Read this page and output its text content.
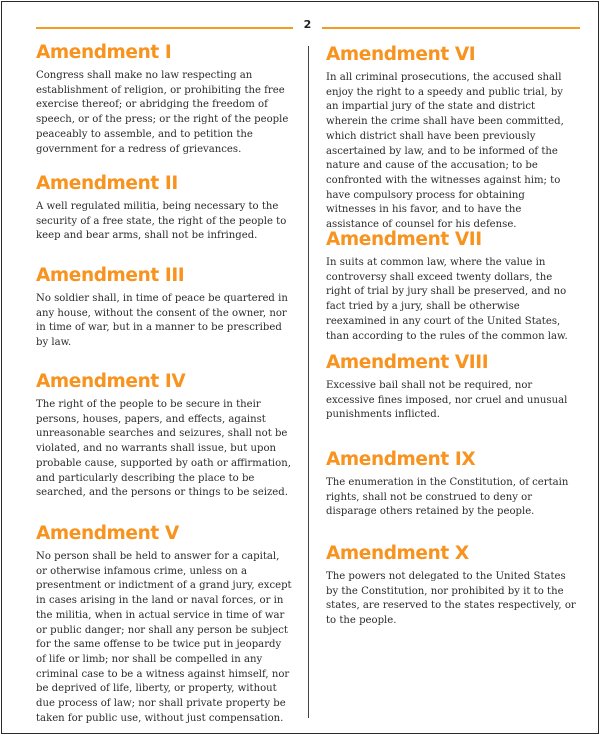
2
Amendment I

Congress shall make no law respecting an establishment of religion, or prohibiting the free exercise thereof; or abridging the freedom of speech, or of the press; or the right of the people peaceably to assemble, and to petition the government for a redress of grievances.

Amendment II

A well regulated militia, being necessary to the security of a free state, the right of the people to keep and bear arms, shall not be infringed.

Amendment III

No soldier shall, in time of peace be quartered in any house, without the consent of the owner, nor in time of war, but in a manner to be prescribed by law.

Amendment IV

The right of the people to be secure in their persons, houses, papers, and effects, against unreasonable searches and seizures, shall not be violated, and no warrants shall issue, but upon probable cause, supported by oath or affirmation, and particularly describing the place to be searched, and the persons or things to be seized.

Amendment V

No person shall be held to answer for a capital, or otherwise infamous crime, unless on a presentment or indictment of a grand jury, except in cases arising in the land or naval forces, or in the militia, when in actual service in time of war or public danger; nor shall any person be subject for the same offense to be twice put in jeopardy of life or limb; nor shall be compelled in any criminal case to be a witness against himself, nor be deprived of life, liberty, or property, without due process of law; nor shall private property be taken for public use, without just compensation.

Amendment VI

In all criminal prosecutions, the accused shall enjoy the right to a speedy and public trial, by an impartial jury of the state and district wherein the crime shall have been committed, which district shall have been previously ascertained by law, and to be informed of the nature and cause of the accusation; to be confronted with the witnesses against him; to have compulsory process for obtaining witnesses in his favor, and to have the assistance of counsel for his defense.

Amendment VII

In suits at common law, where the value in controversy shall exceed twenty dollars, the right of trial by jury shall be preserved, and no fact tried by a jury, shall be otherwise reexamined in any court of the United States, than according to the rules of the common law.

Amendment VIII

Excessive bail shall not be required, nor excessive fines imposed, nor cruel and unusual punishments inflicted.

Amendment IX

The enumeration in the Constitution, of certain rights, shall not be construed to deny or disparage others retained by the people.

Amendment X

The powers not delegated to the United States by the Constitution, nor prohibited by it to the states, are reserved to the states respectively, or to the people.
